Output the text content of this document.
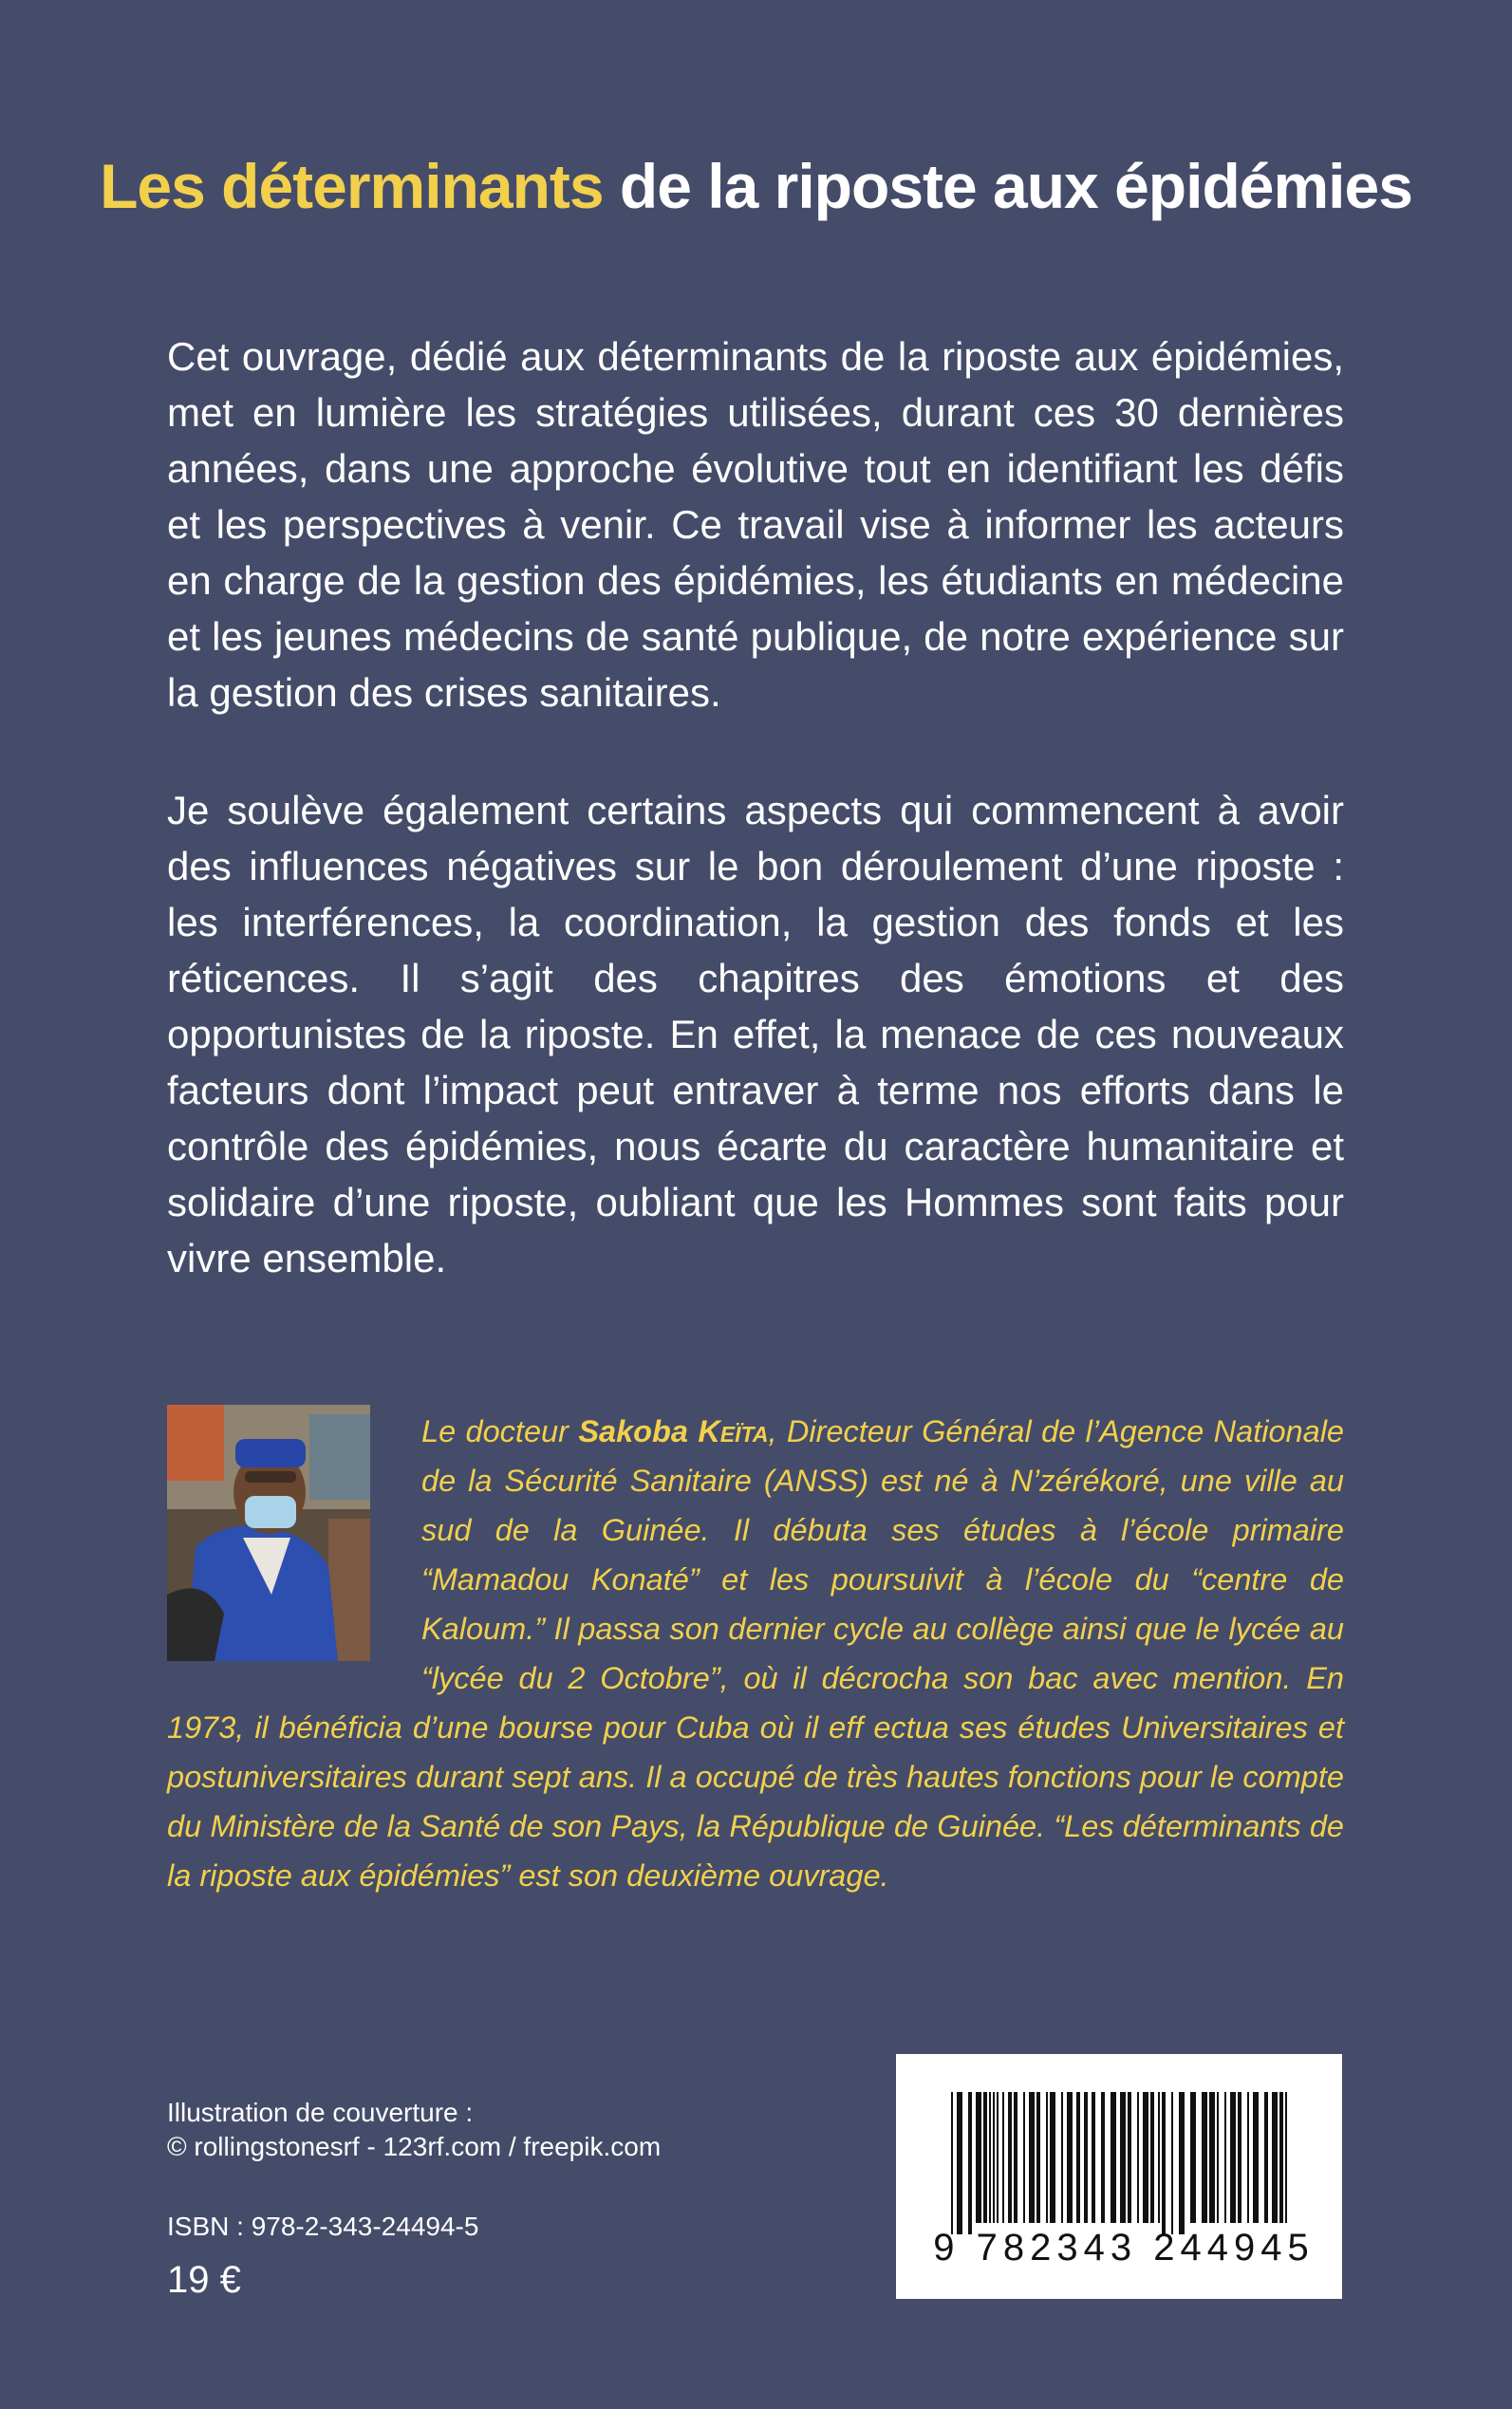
Les déterminants de la riposte aux épidémies

Cet ouvrage, dédié aux déterminants de la riposte aux épidémies, met en lumière les stratégies utilisées, durant ces 30 dernières années, dans une approche évolutive tout en identifiant les défis et les perspectives à venir. Ce travail vise à informer les acteurs en charge de la gestion des épidémies, les étudiants en médecine et les jeunes médecins de santé publique, de notre expérience sur la gestion des crises sanitaires.

Je soulève également certains aspects qui commencent à avoir des influences négatives sur le bon déroulement d’une riposte : les interférences, la coordination, la gestion des fonds et les réticences. Il s’agit des chapitres des émotions et des opportunistes de la riposte. En effet, la menace de ces nouveaux facteurs dont l’impact peut entraver à terme nos efforts dans le contrôle des épidémies, nous écarte du caractère humanitaire et solidaire d’une riposte, oubliant que les Hommes sont faits pour vivre ensemble.

Le docteur Sakoba Keïta, Directeur Général de l’Agence Nationale de la Sécurité Sanitaire (ANSS) est né à N’zérékoré, une ville au sud de la Guinée. Il débuta ses études à l’école primaire “Mamadou Konaté” et les poursuivit à l’école du “centre de Kaloum.” Il passa son dernier cycle au collège ainsi que le lycée au “lycée du 2 Octobre”, où il décrocha son bac avec mention. En 1973, il bénéficia d’une bourse pour Cuba où il eff ectua ses études Universitaires et postuniversitaires durant sept ans. Il a occupé de très hautes fonctions pour le compte du Ministère de la Santé de son Pays, la République de Guinée. “Les déterminants de la riposte aux épidémies” est son deuxième ouvrage.
Illustration de couverture :
© rollingstonesrf - 123rf.com / freepik.com
ISBN : 978-2-343-24494-5
19 €
9 782343 244945
